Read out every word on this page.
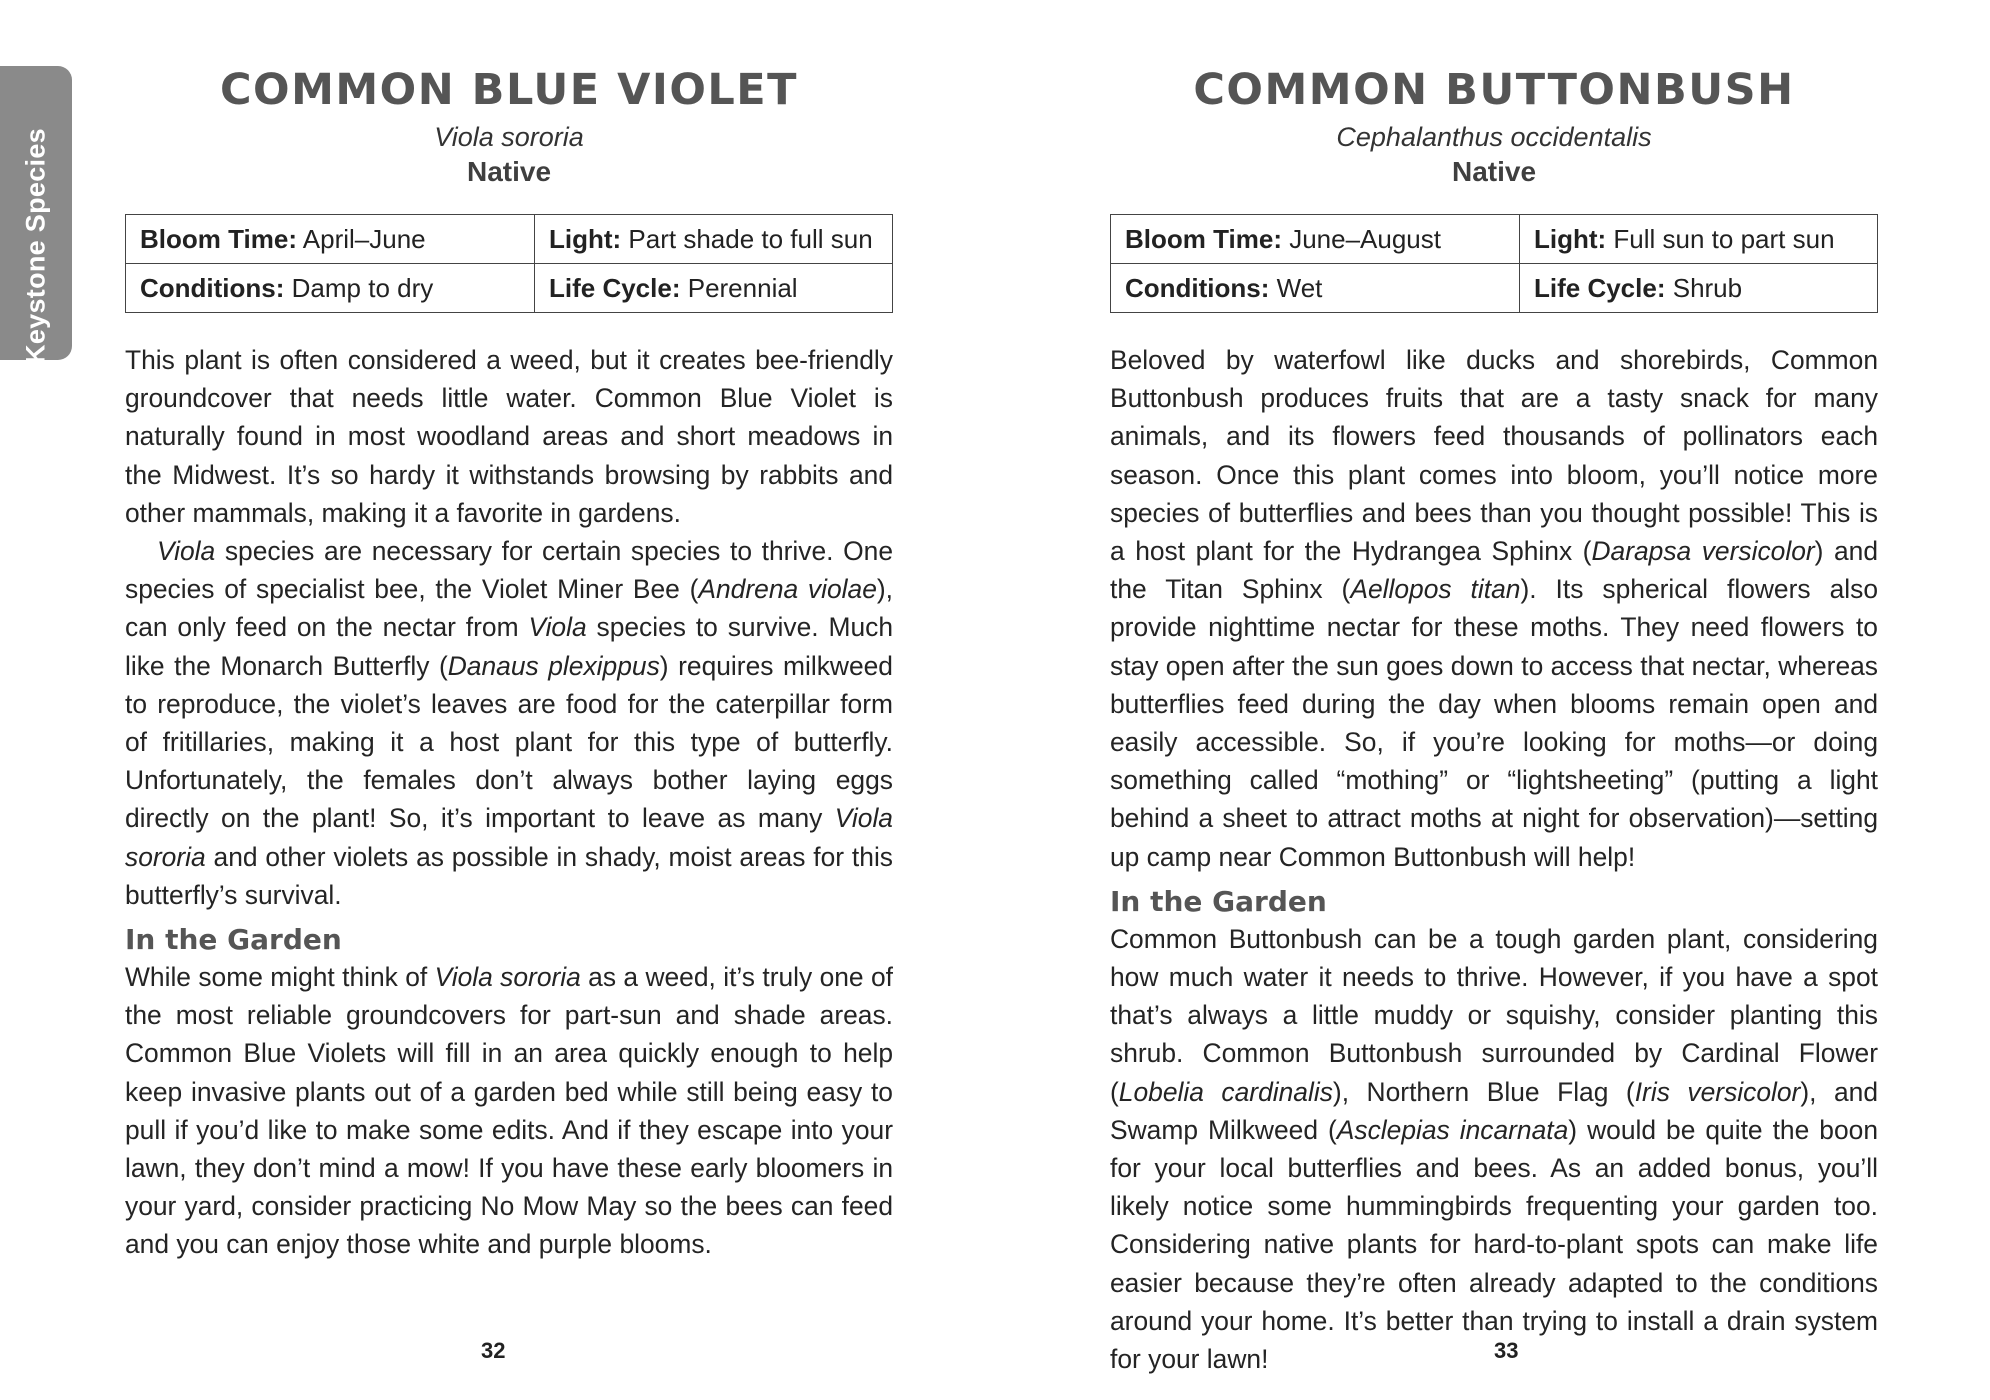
Keystone Species
COMMON BLUE VIOLET
Viola sororia
Native
Bloom Time: April–June	Light: Part shade to full sun
Conditions: Damp to dry	Life Cycle: Perennial

This plant is often considered a weed, but it creates bee-friendly groundcover that needs little water. Common Blue Violet is naturally found in most woodland areas and short meadows in the Midwest. It’s so hardy it withstands browsing by rabbits and other mammals, making it a favorite in gardens.

Viola species are necessary for certain species to thrive. One species of specialist bee, the Violet Miner Bee (Andrena violae), can only feed on the nectar from Viola species to survive. Much like the Monarch Butterfly (Danaus plexippus) requires milkweed to reproduce, the violet’s leaves are food for the caterpillar form of fritillaries, making it a host plant for this type of butterfly. Unfortunately, the females don’t always bother laying eggs directly on the plant! So, it’s important to leave as many Viola sororia and other violets as possible in shady, moist areas for this butterfly’s survival.

In the Garden

While some might think of Viola sororia as a weed, it’s truly one of the most reliable groundcovers for part-sun and shade areas. Common Blue Violets will fill in an area quickly enough to help keep invasive plants out of a garden bed while still being easy to pull if you’d like to make some edits. And if they escape into your lawn, they don’t mind a mow! If you have these early bloomers in your yard, consider practicing No Mow May so the bees can feed and you can enjoy those white and purple blooms.

32
COMMON BUTTONBUSH
Cephalanthus occidentalis
Native
Bloom Time: June–August	Light: Full sun to part sun
Conditions: Wet	Life Cycle: Shrub

Beloved by waterfowl like ducks and shorebirds, Common Buttonbush produces fruits that are a tasty snack for many animals, and its flowers feed thousands of pollinators each season. Once this plant comes into bloom, you’ll notice more species of butterflies and bees than you thought possible! This is a host plant for the Hydrangea Sphinx (Darapsa versicolor) and the Titan Sphinx (Aellopos titan). Its spherical flowers also provide nighttime nectar for these moths. They need flowers to stay open after the sun goes down to access that nectar, whereas butterflies feed during the day when blooms remain open and easily accessible. So, if you’re looking for moths—or doing something called “mothing” or “lightsheeting” (putting a light behind a sheet to attract moths at night for observation)—setting up camp near Common Buttonbush will help!

In the Garden

Common Buttonbush can be a tough garden plant, considering how much water it needs to thrive. However, if you have a spot that’s always a little muddy or squishy, consider planting this shrub. Common Buttonbush surrounded by Cardinal Flower (Lobelia cardinalis), Northern Blue Flag (Iris versicolor), and Swamp Milkweed (Asclepias incarnata) would be quite the boon for your local butterflies and bees. As an added bonus, you’ll likely notice some hummingbirds frequenting your garden too. Considering native plants for hard-to-plant spots can make life easier because they’re often already adapted to the conditions around your home. It’s better than trying to install a drain system for your lawn!	33
